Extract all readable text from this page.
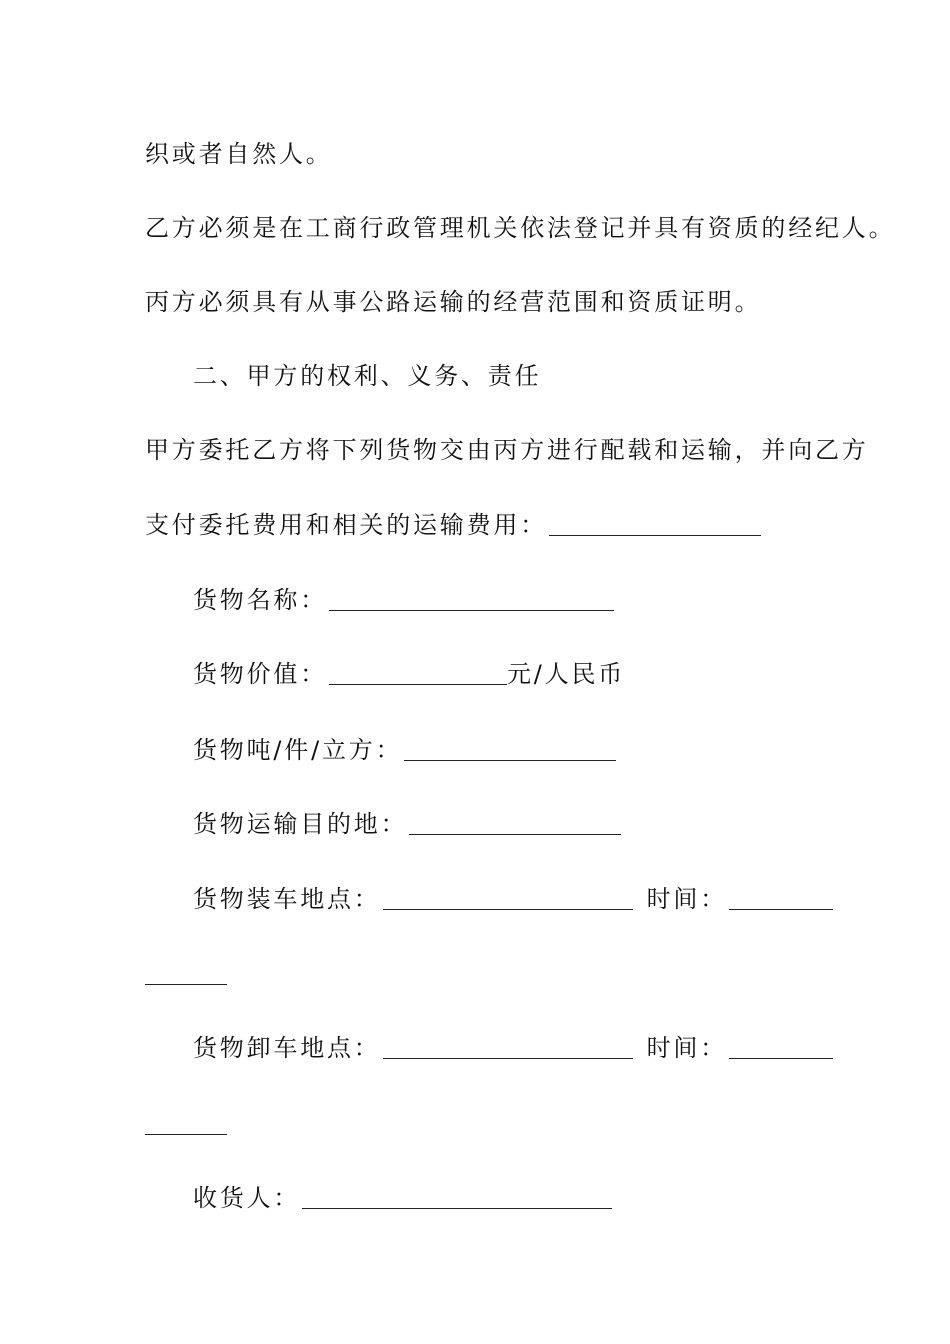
织或者自然人。
乙方必须是在工商行政管理机关依法登记并具有资质的经纪人。
丙方必须具有从事公路运输的经营范围和资质证明。
二、甲方的权利、义务、责任
甲方委托乙方将下列货物交由丙方进行配载和运输，并向乙方
支付委托费用和相关的运输费用：
货物名称：
货物价值：	元/人民币
货物吨/件/立方：
货物运输目的地：
货物装车地点：	时间：
货物卸车地点：	时间：
收货人：
